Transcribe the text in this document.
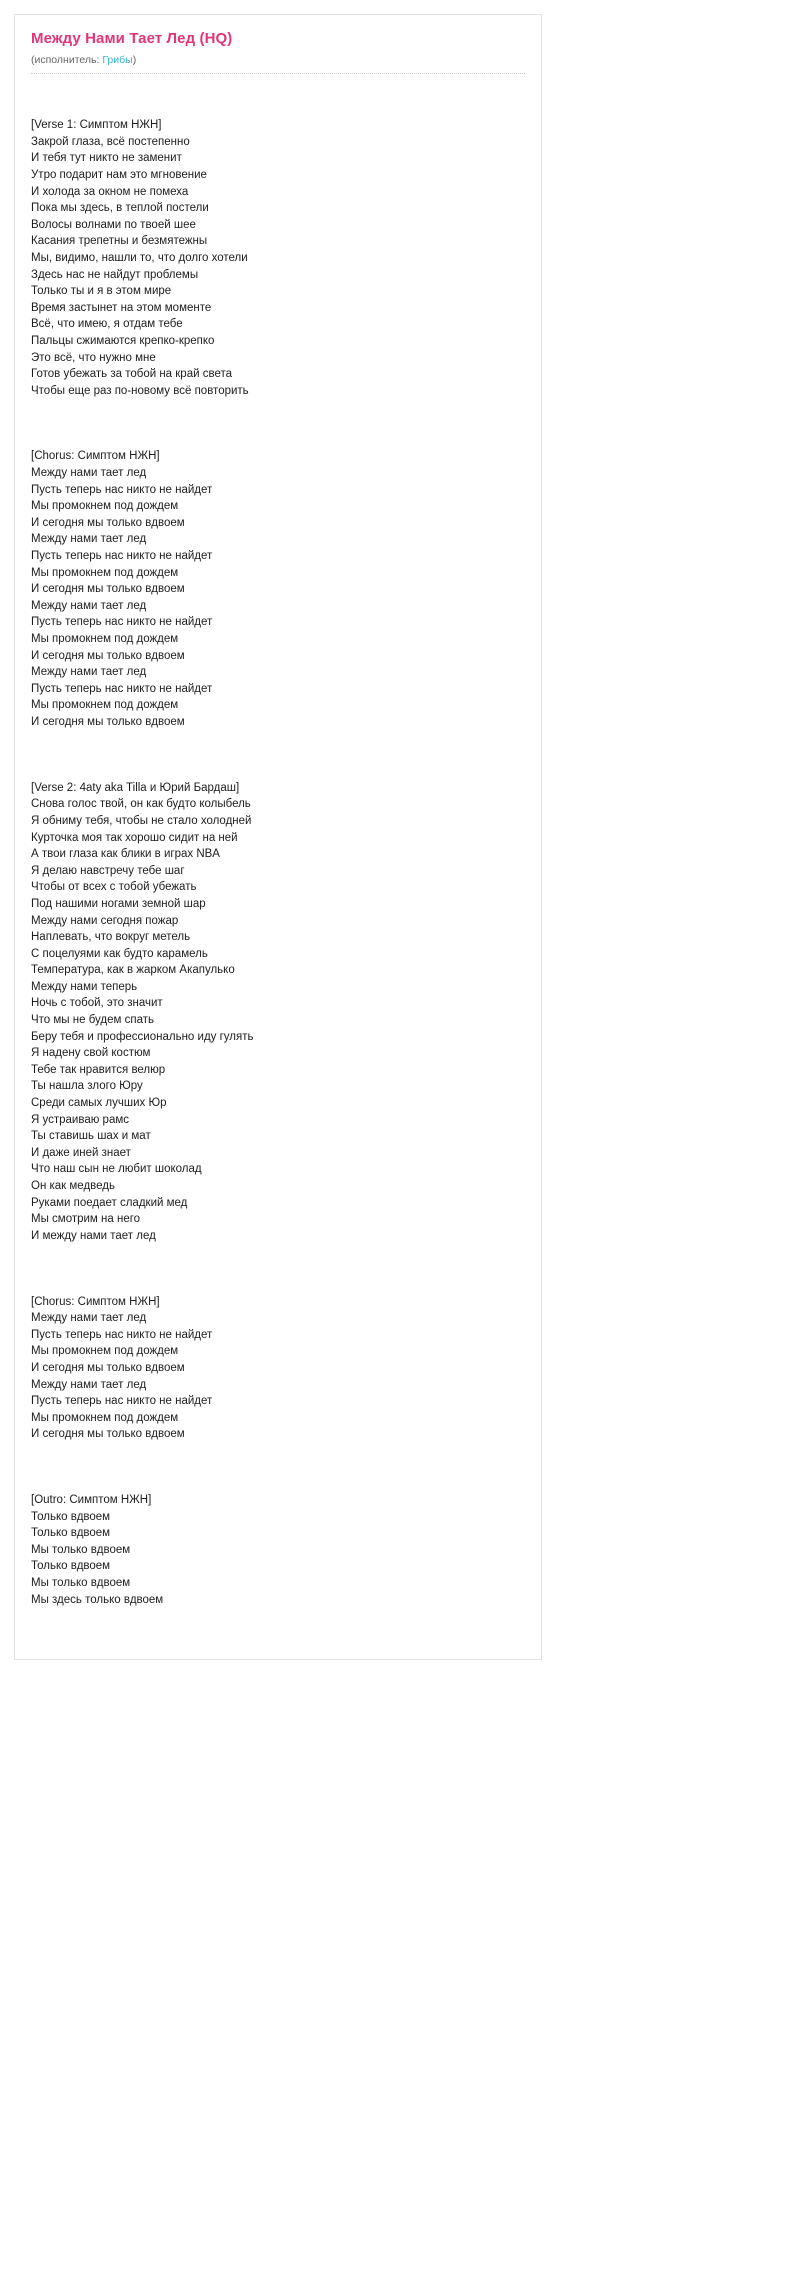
Между Нами Тает Лед (HQ)
(исполнитель: Грибы)

[Verse 1: Симптом НЖН]
Закрой глаза, всё постепенно
И тебя тут никто не заменит
Утро подарит нам это мгновение
И холода за окном не помеха
Пока мы здесь, в теплой постели
Волосы волнами по твоей шее
Касания трепетны и безмятежны
Мы, видимо, нашли то, что долго хотели
Здесь нас не найдут проблемы
Только ты и я в этом мире
Время застынет на этом моменте
Всё, что имею, я отдам тебе
Пальцы сжимаются крепко-крепко
Это всё, что нужно мне
Готов убежать за тобой на край света
Чтобы еще раз по-новому всё повторить

[Chorus: Симптом НЖН]
Между нами тает лед
Пусть теперь нас никто не найдет
Мы промокнем под дождем
И сегодня мы только вдвоем
Между нами тает лед
Пусть теперь нас никто не найдет
Мы промокнем под дождем
И сегодня мы только вдвоем
Между нами тает лед
Пусть теперь нас никто не найдет
Мы промокнем под дождем
И сегодня мы только вдвоем
Между нами тает лед
Пусть теперь нас никто не найдет
Мы промокнем под дождем
И сегодня мы только вдвоем

[Verse 2: 4aty aka Tilla и Юрий Бардаш]
Снова голос твой, он как будто колыбель
Я обниму тебя, чтобы не стало холодней
Курточка моя так хорошо сидит на ней
А твои глаза как блики в играх NBA
Я делаю навстречу тебе шаг
Чтобы от всех с тобой убежать
Под нашими ногами земной шар
Между нами сегодня пожар
Наплевать, что вокруг метель
С поцелуями как будто карамель
Температура, как в жарком Акапулько
Между нами теперь
Ночь с тобой, это значит
Что мы не будем спать
Беру тебя и профессионально иду гулять
Я надену свой костюм
Тебе так нравится велюр
Ты нашла злого Юру
Среди самых лучших Юр
Я устраиваю рамс
Ты ставишь шах и мат
И даже иней знает
Что наш сын не любит шоколад
Он как медведь
Руками поедает сладкий мед
Мы смотрим на него
И между нами тает лед

[Chorus: Симптом НЖН]
Между нами тает лед
Пусть теперь нас никто не найдет
Мы промокнем под дождем
И сегодня мы только вдвоем
Между нами тает лед
Пусть теперь нас никто не найдет
Мы промокнем под дождем
И сегодня мы только вдвоем

[Outro: Симптом НЖН]
Только вдвоем
Только вдвоем
Мы только вдвоем
Только вдвоем
Мы только вдвоем
Мы здесь только вдвоем
